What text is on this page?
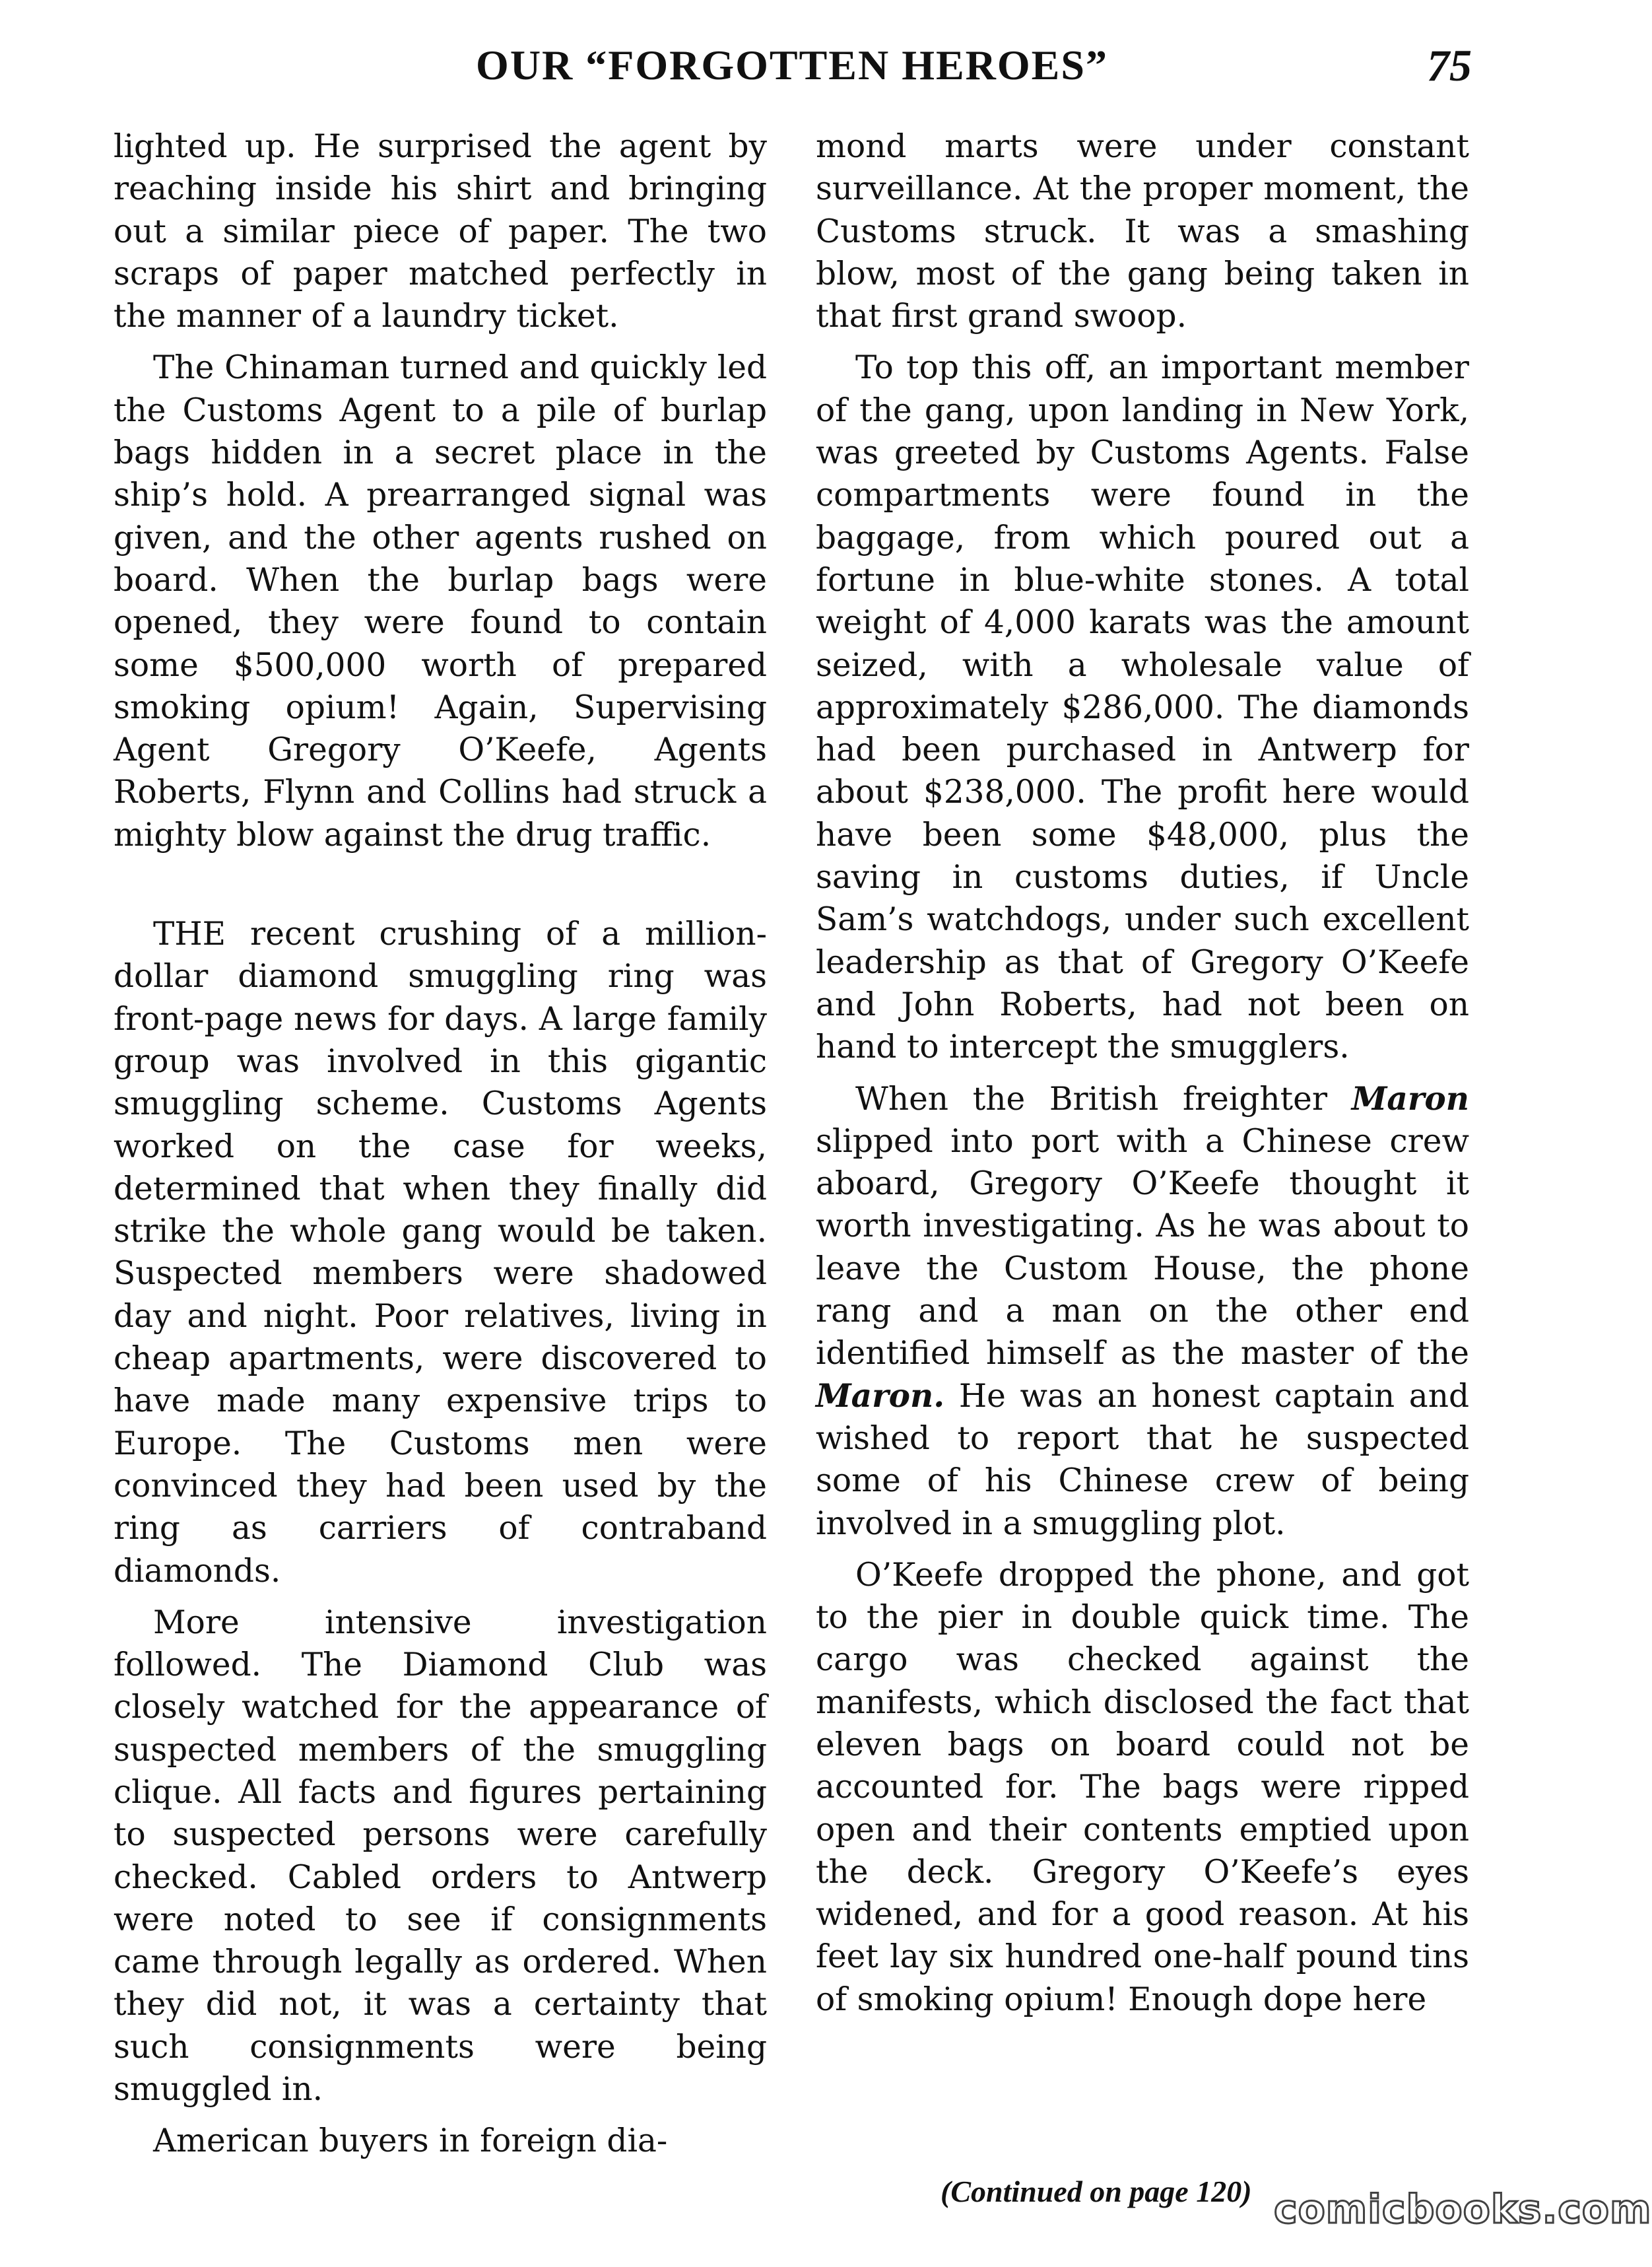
OUR “FORGOTTEN HEROES”	75

lighted up. He surprised the agent by reaching inside his shirt and bringing out a similar piece of paper. The two scraps of paper matched perfectly in the manner of a laundry ticket.

The Chinaman turned and quickly led the Customs Agent to a pile of burlap bags hidden in a secret place in the ship’s hold. A prearranged signal was given, and the other agents rushed on board. When the burlap bags were opened, they were found to contain some $500,000 worth of prepared smoking opium! Again, Supervising Agent Gregory O’Keefe, Agents Roberts, Flynn and Collins had struck a mighty blow against the drug traffic.

THE recent crushing of a million-dollar diamond smuggling ring was front-page news for days. A large family group was involved in this gigantic smuggling scheme. Customs Agents worked on the case for weeks, determined that when they finally did strike the whole gang would be taken. Suspected members were shadowed day and night. Poor relatives, living in cheap apartments, were discovered to have made many expensive trips to Europe. The Customs men were convinced they had been used by the ring as carriers of contraband diamonds.

More intensive investigation followed. The Diamond Club was closely watched for the appearance of suspected members of the smuggling clique. All facts and figures pertaining to suspected persons were carefully checked. Cabled orders to Antwerp were noted to see if consignments came through legally as ordered. When they did not, it was a certainty that such consignments were being smuggled in.

American buyers in foreign dia-

mond marts were under constant surveillance. At the proper moment, the Customs struck. It was a smashing blow, most of the gang being taken in that first grand swoop.

To top this off, an important member of the gang, upon landing in New York, was greeted by Customs Agents. False compartments were found in the baggage, from which poured out a fortune in blue-white stones. A total weight of 4,000 karats was the amount seized, with a wholesale value of approximately $286,000. The diamonds had been purchased in Antwerp for about $238,000. The profit here would have been some $48,000, plus the saving in customs duties, if Uncle Sam’s watchdogs, under such excellent leadership as that of Gregory O’Keefe and John Roberts, had not been on hand to intercept the smugglers.

When the British freighter Maron slipped into port with a Chinese crew aboard, Gregory O’Keefe thought it worth investigating. As he was about to leave the Custom House, the phone rang and a man on the other end identified himself as the master of the Maron. He was an honest captain and wished to report that he suspected some of his Chinese crew of being involved in a smuggling plot.

O’Keefe dropped the phone, and got to the pier in double quick time. The cargo was checked against the manifests, which disclosed the fact that eleven bags on board could not be accounted for. The bags were ripped open and their contents emptied upon the deck. Gregory O’Keefe’s eyes widened, and for a good reason. At his feet lay six hundred one-half pound tins of smoking opium! Enough dope here

(Continued on page 120) comicbooks.com
